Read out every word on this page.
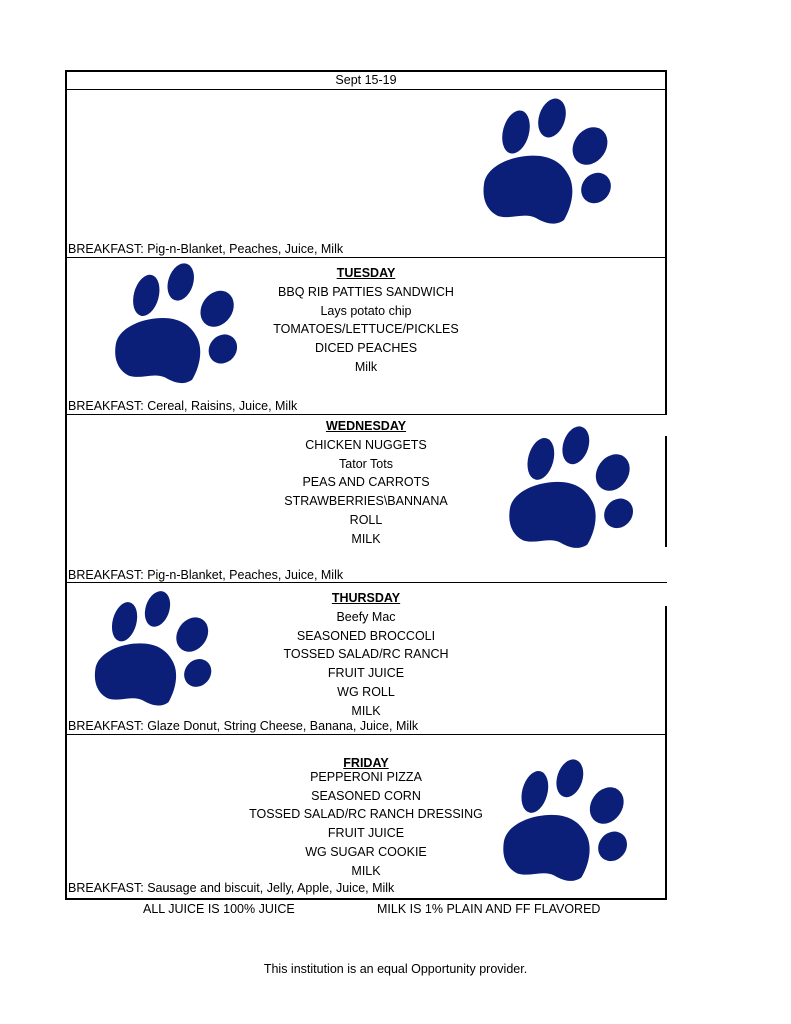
Sept 15-19
BREAKFAST: Pig-n-Blanket, Peaches, Juice, Milk
TUESDAY
BBQ RIB PATTIES SANDWICH
Lays potato chip
TOMATOES/LETTUCE/PICKLES
DICED PEACHES
Milk
BREAKFAST: Cereal, Raisins, Juice, Milk
WEDNESDAY
CHICKEN NUGGETS
Tator Tots
PEAS AND CARROTS
STRAWBERRIES\BANNANA
ROLL
MILK
BREAKFAST: Pig-n-Blanket, Peaches, Juice, Milk
THURSDAY
Beefy Mac
SEASONED BROCCOLI
TOSSED SALAD/RC RANCH
FRUIT JUICE
WG ROLL
MILK
BREAKFAST: Glaze Donut, String Cheese, Banana, Juice, Milk
FRIDAY
PEPPERONI PIZZA
SEASONED CORN
TOSSED SALAD/RC RANCH DRESSING
FRUIT JUICE
WG SUGAR COOKIE
MILK
BREAKFAST: Sausage and biscuit, Jelly, Apple, Juice, Milk
ALL JUICE IS 100% JUICE	MILK IS 1% PLAIN AND FF FLAVORED
This institution is an equal Opportunity provider.
